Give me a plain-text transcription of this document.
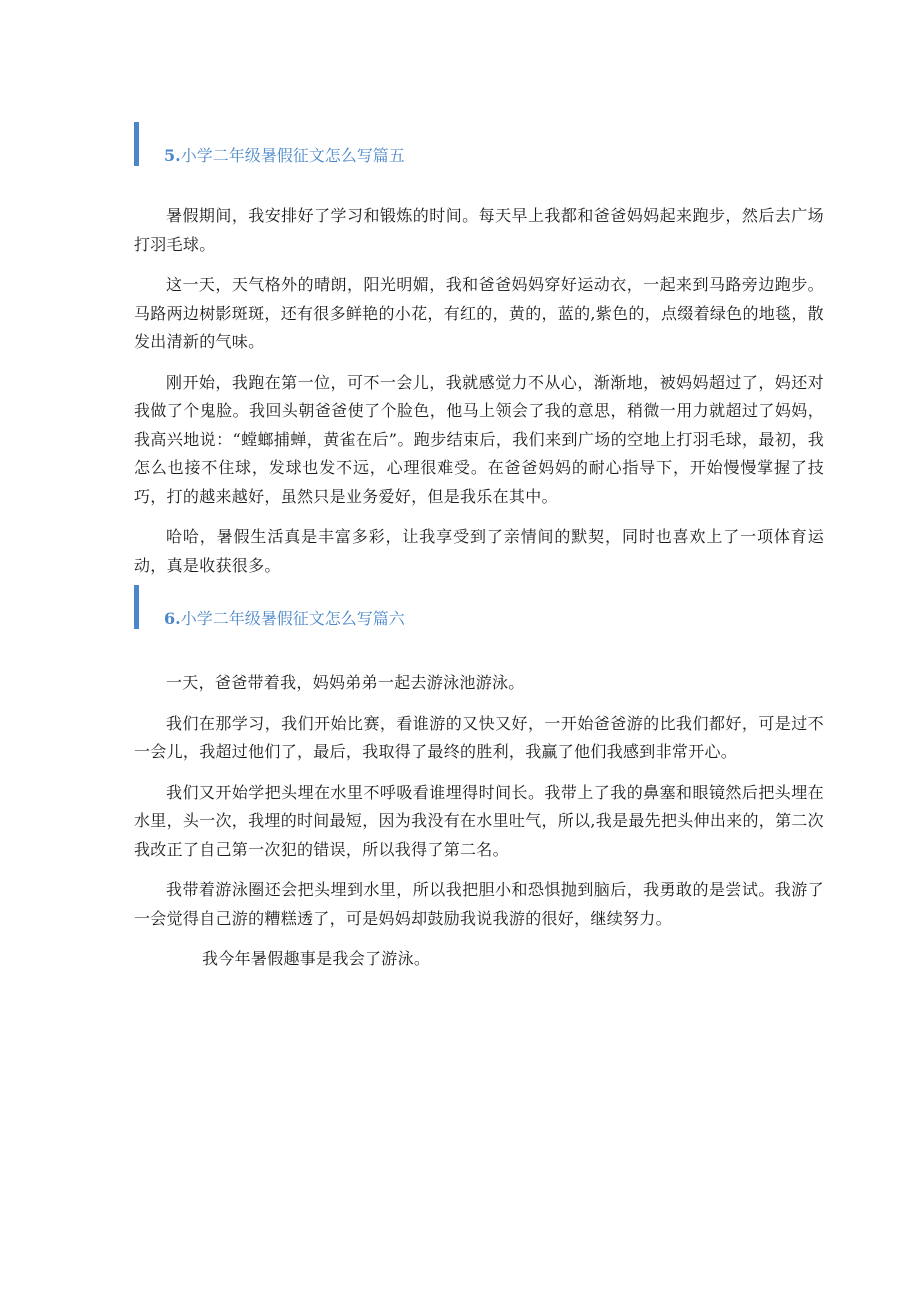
5.小学二年级暑假征文怎么写篇五

暑假期间，我安排好了学习和锻炼的时间。每天早上我都和爸爸妈妈起来跑步，然后去广场打羽毛球。

这一天，天气格外的晴朗，阳光明媚，我和爸爸妈妈穿好运动衣，一起来到马路旁边跑步。马路两边树影斑斑，还有很多鲜艳的小花，有红的，黄的，蓝的,紫色的，点缀着绿色的地毯，散发出清新的气味。

刚开始，我跑在第一位，可不一会儿，我就感觉力不从心，渐渐地，被妈妈超过了，妈还对我做了个鬼脸。我回头朝爸爸使了个脸色，他马上领会了我的意思，稍微一用力就超过了妈妈，我高兴地说：“螳螂捕蝉，黄雀在后”。跑步结束后，我们来到广场的空地上打羽毛球，最初，我怎么也接不住球，发球也发不远，心理很难受。在爸爸妈妈的耐心指导下，开始慢慢掌握了技巧，打的越来越好，虽然只是业务爱好，但是我乐在其中。

哈哈，暑假生活真是丰富多彩，让我享受到了亲情间的默契，同时也喜欢上了一项体育运动，真是收获很多。

6.小学二年级暑假征文怎么写篇六

一天，爸爸带着我，妈妈弟弟一起去游泳池游泳。

我们在那学习，我们开始比赛，看谁游的又快又好，一开始爸爸游的比我们都好，可是过不一会儿，我超过他们了，最后，我取得了最终的胜利，我赢了他们我感到非常开心。

我们又开始学把头埋在水里不呼吸看谁埋得时间长。我带上了我的鼻塞和眼镜然后把头埋在水里，头一次，我埋的时间最短，因为我没有在水里吐气，所以,我是最先把头伸出来的，第二次我改正了自己第一次犯的错误，所以我得了第二名。

我带着游泳圈还会把头埋到水里，所以我把胆小和恐惧抛到脑后，我勇敢的是尝试。我游了一会觉得自己游的糟糕透了，可是妈妈却鼓励我说我游的很好，继续努力。

我今年暑假趣事是我会了游泳。
